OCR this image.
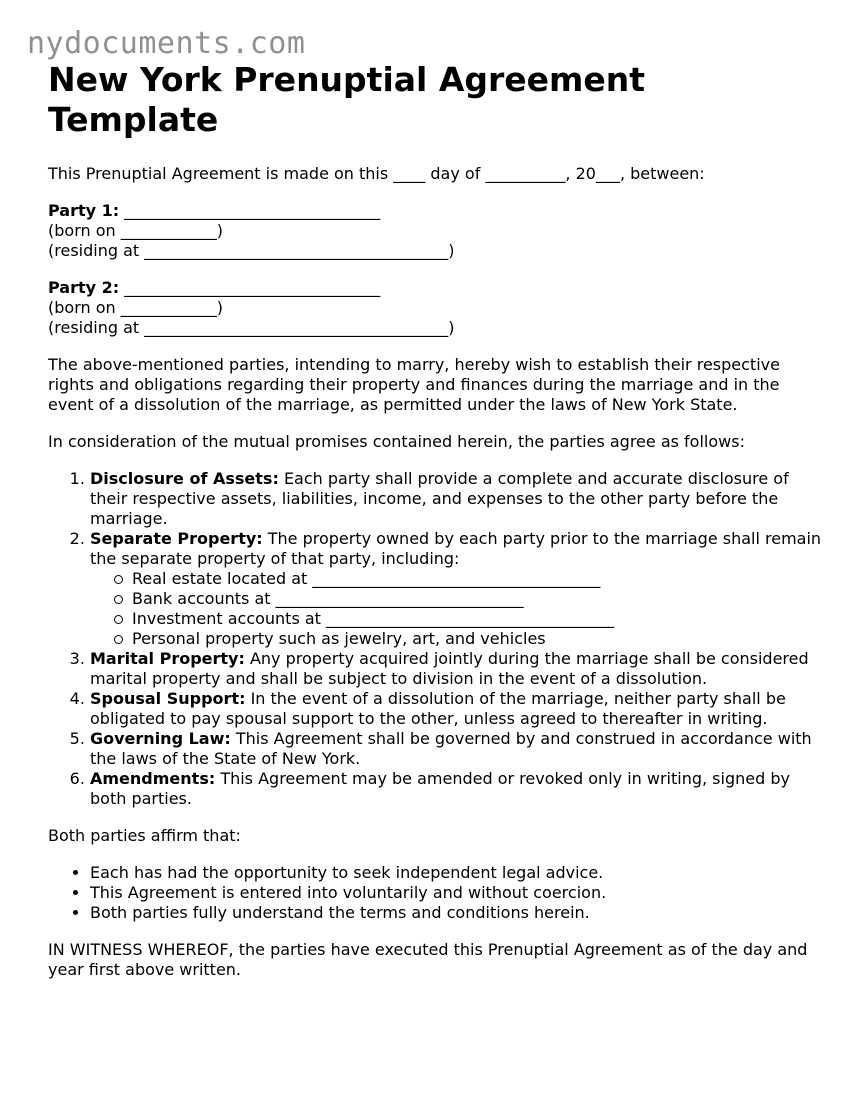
nydocuments.com
New York Prenuptial Agreement Template

This Prenuptial Agreement is made on this ____ day of __________, 20___, between:

Party 1: ________________________________
(born on ____________)
(residing at ______________________________________)
Party 2: ________________________________
(born on ____________)
(residing at ______________________________________)

The above-mentioned parties, intending to marry, hereby wish to establish their respective rights and obligations regarding their property and finances during the marriage and in the event of a dissolution of the marriage, as permitted under the laws of New York State.

In consideration of the mutual promises contained herein, the parties agree as follows:

1. Disclosure of Assets: Each party shall provide a complete and accurate disclosure of their respective assets, liabilities, income, and expenses to the other party before the marriage.
2. Separate Property: The property owned by each party prior to the marriage shall remain the separate property of that party, including:
Real estate located at ____________________________________
Bank accounts at _______________________________
Investment accounts at ____________________________________
Personal property such as jewelry, art, and vehicles
3. Marital Property: Any property acquired jointly during the marriage shall be considered marital property and shall be subject to division in the event of a dissolution.
4. Spousal Support: In the event of a dissolution of the marriage, neither party shall be obligated to pay spousal support to the other, unless agreed to thereafter in writing.
5. Governing Law: This Agreement shall be governed by and construed in accordance with the laws of the State of New York.
6. Amendments: This Agreement may be amended or revoked only in writing, signed by both parties.

Both parties affirm that:

• Each has had the opportunity to seek independent legal advice.
• This Agreement is entered into voluntarily and without coercion.
• Both parties fully understand the terms and conditions herein.

IN WITNESS WHEREOF, the parties have executed this Prenuptial Agreement as of the day and year first above written.
